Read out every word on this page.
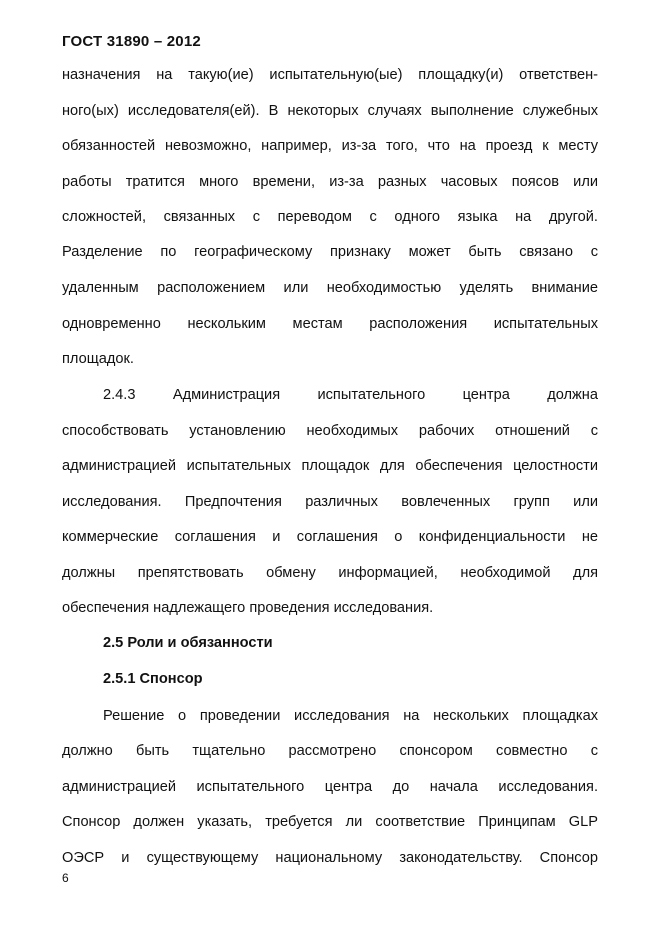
ГОСТ 31890 – 2012
назначения на такую(ие) испытательную(ые) площадку(и) ответствен-
ного(ых) исследователя(ей). В некоторых случаях выполнение служебных
обязанностей невозможно, например, из-за того, что на проезд к месту
работы тратится много времени, из-за разных часовых поясов или
сложностей, связанных с переводом с одного языка на другой.
Разделение по географическому признаку может быть связано с
удаленным расположением или необходимостью уделять внимание
одновременно нескольким местам расположения испытательных
площадок.
2.4.3 Администрация испытательного центра должна
способствовать установлению необходимых рабочих отношений с
администрацией испытательных площадок для обеспечения целостности
исследования. Предпочтения различных вовлеченных групп или
коммерческие соглашения и соглашения о конфиденциальности не
должны препятствовать обмену информацией, необходимой для
обеспечения надлежащего проведения исследования.
2.5 Роли и обязанности
2.5.1 Спонсор
Решение о проведении исследования на нескольких площадках
должно быть тщательно рассмотрено спонсором совместно с
администрацией испытательного центра до начала исследования.
Спонсор должен указать, требуется ли соответствие Принципам GLP
ОЭСР и существующему национальному законодательству. Спонсор
6
